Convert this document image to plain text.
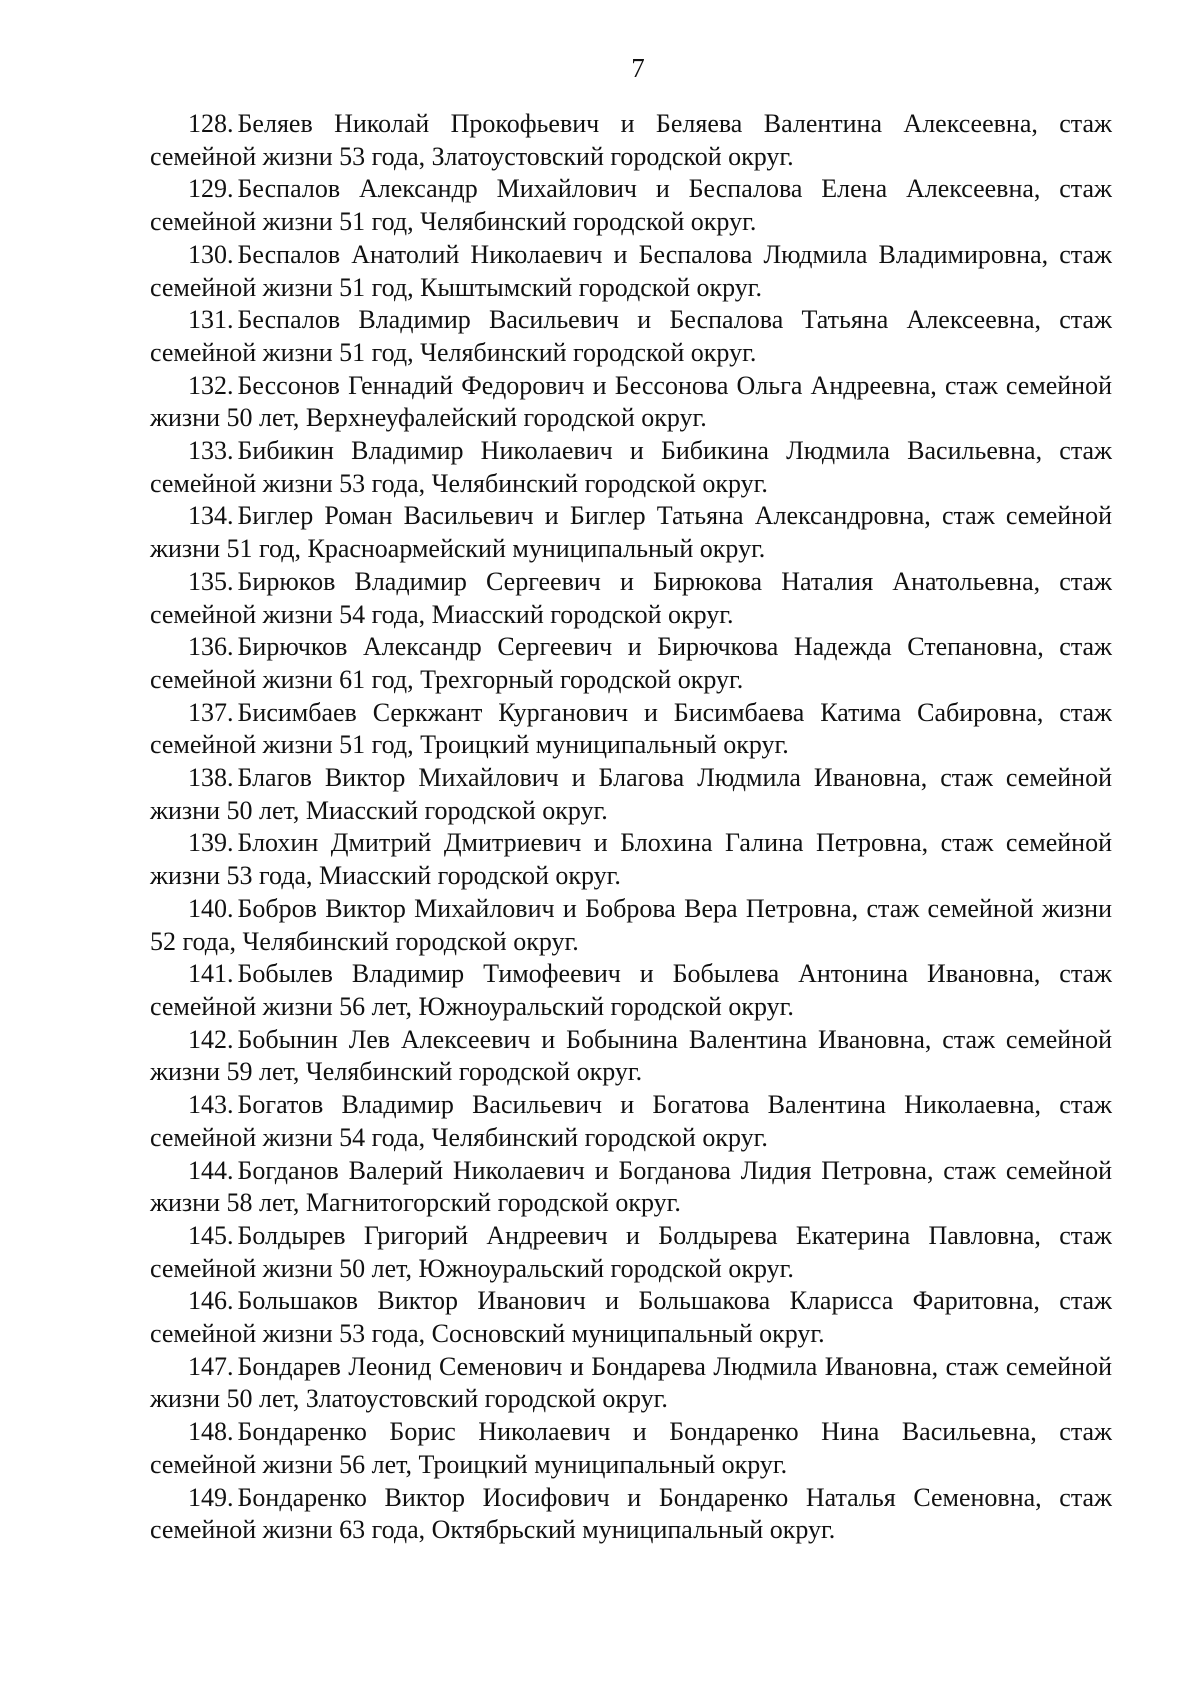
7

128. Беляев Николай Прокофьевич и Беляева Валентина Алексеевна, стаж семейной жизни 53 года, Златоустовский городской округ.

129. Беспалов Александр Михайлович и Беспалова Елена Алексеевна, стаж семейной жизни 51 год, Челябинский городской округ.

130. Беспалов Анатолий Николаевич и Беспалова Людмила Владимировна, стаж семейной жизни 51 год, Кыштымский городской округ.

131. Беспалов Владимир Васильевич и Беспалова Татьяна Алексеевна, стаж семейной жизни 51 год, Челябинский городской округ.

132. Бессонов Геннадий Федорович и Бессонова Ольга Андреевна, стаж семейной жизни 50 лет, Верхнеуфалейский городской округ.

133. Бибикин Владимир Николаевич и Бибикина Людмила Васильевна, стаж семейной жизни 53 года, Челябинский городской округ.

134. Биглер Роман Васильевич и Биглер Татьяна Александровна, стаж семейной жизни 51 год, Красноармейский муниципальный округ.

135. Бирюков Владимир Сергеевич и Бирюкова Наталия Анатольевна, стаж семейной жизни 54 года, Миасский городской округ.

136. Бирючков Александр Сергеевич и Бирючкова Надежда Степановна, стаж семейной жизни 61 год, Трехгорный городской округ.

137. Бисимбаев Серкжант Курганович и Бисимбаева Катима Сабировна, стаж семейной жизни 51 год, Троицкий муниципальный округ.

138. Благов Виктор Михайлович и Благова Людмила Ивановна, стаж семейной жизни 50 лет, Миасский городской округ.

139. Блохин Дмитрий Дмитриевич и Блохина Галина Петровна, стаж семейной жизни 53 года, Миасский городской округ.

140. Бобров Виктор Михайлович и Боброва Вера Петровна, стаж семейной жизни 52 года, Челябинский городской округ.

141. Бобылев Владимир Тимофеевич и Бобылева Антонина Ивановна, стаж семейной жизни 56 лет, Южноуральский городской округ.

142. Бобынин Лев Алексеевич и Бобынина Валентина Ивановна, стаж семейной жизни 59 лет, Челябинский городской округ.

143. Богатов Владимир Васильевич и Богатова Валентина Николаевна, стаж семейной жизни 54 года, Челябинский городской округ.

144. Богданов Валерий Николаевич и Богданова Лидия Петровна, стаж семейной жизни 58 лет, Магнитогорский городской округ.

145. Болдырев Григорий Андреевич и Болдырева Екатерина Павловна, стаж семейной жизни 50 лет, Южноуральский городской округ.

146. Большаков Виктор Иванович и Большакова Кларисса Фаритовна, стаж семейной жизни 53 года, Сосновский муниципальный округ.

147. Бондарев Леонид Семенович и Бондарева Людмила Ивановна, стаж семейной жизни 50 лет, Златоустовский городской округ.

148. Бондаренко Борис Николаевич и Бондаренко Нина Васильевна, стаж семейной жизни 56 лет, Троицкий муниципальный округ.

149. Бондаренко Виктор Иосифович и Бондаренко Наталья Семеновна, стаж семейной жизни 63 года, Октябрьский муниципальный округ.
